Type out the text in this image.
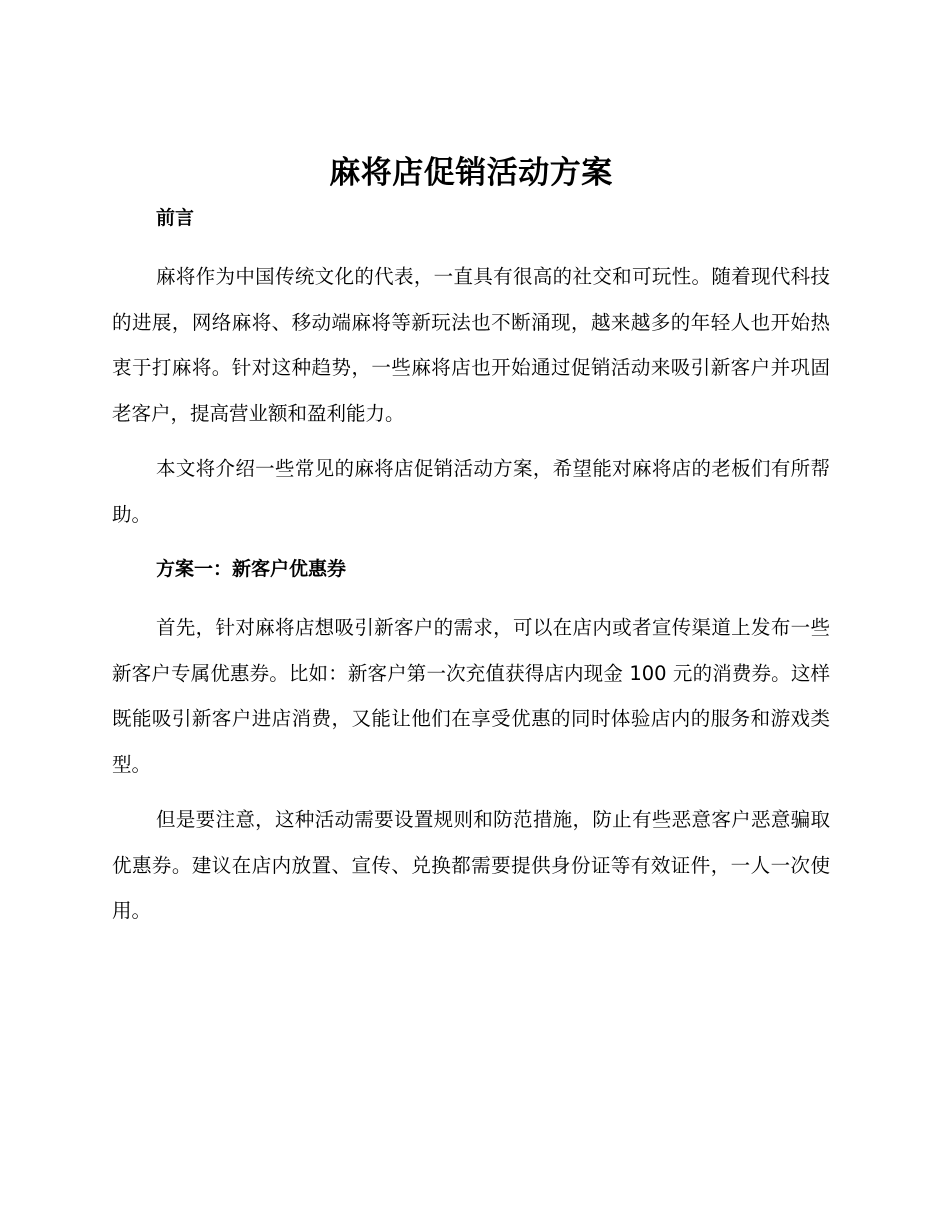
麻将店促销活动方案
前言

麻将作为中国传统文化的代表，一直具有很高的社交和可玩性。随着现代科技的进展，网络麻将、移动端麻将等新玩法也不断涌现，越来越多的年轻人也开始热衷于打麻将。针对这种趋势，一些麻将店也开始通过促销活动来吸引新客户并巩固老客户，提高营业额和盈利能力。

本文将介绍一些常见的麻将店促销活动方案，希望能对麻将店的老板们有所帮助。

方案一：新客户优惠券

首先，针对麻将店想吸引新客户的需求，可以在店内或者宣传渠道上发布一些新客户专属优惠券。比如：新客户第一次充值获得店内现金 100 元的消费券。这样既能吸引新客户进店消费，又能让他们在享受优惠的同时体验店内的服务和游戏类型。

但是要注意，这种活动需要设置规则和防范措施，防止有些恶意客户恶意骗取优惠券。建议在店内放置、宣传、兑换都需要提供身份证等有效证件，一人一次使用。
